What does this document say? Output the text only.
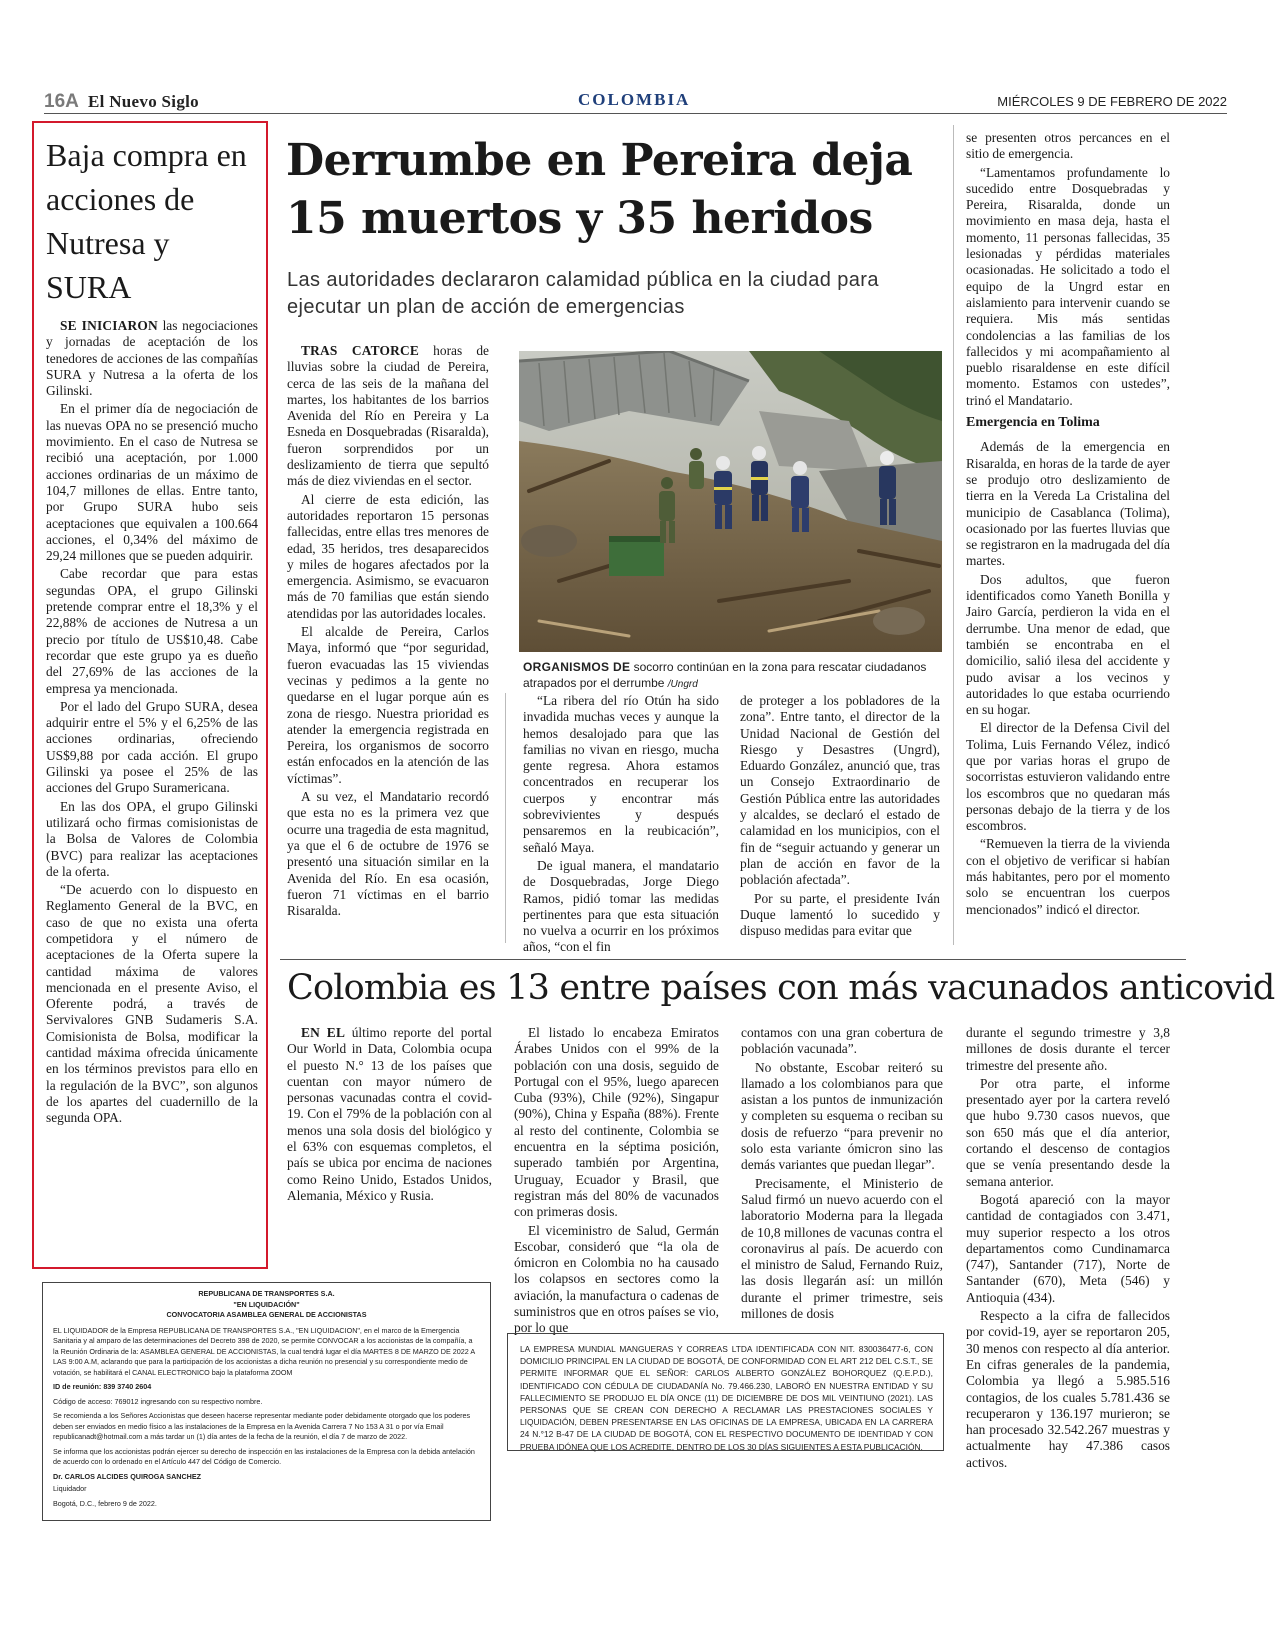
16A El Nuevo Siglo	COLOMBIA	MIÉRCOLES 9 DE FEBRERO DE 2022
Baja compra en acciones de Nutresa y SURA

SE INICIARON las negociaciones y jornadas de aceptación de los tenedores de acciones de las compañías SURA y Nutresa a la oferta de los Gilinski.

En el primer día de negociación de las nuevas OPA no se presenció mucho movimiento. En el caso de Nutresa se recibió una aceptación, por 1.000 acciones ordinarias de un máximo de 104,7 millones de ellas. Entre tanto, por Grupo SURA hubo seis aceptaciones que equivalen a 100.664 acciones, el 0,34% del máximo de 29,24 millones que se pueden adquirir.

Cabe recordar que para estas segundas OPA, el grupo Gilinski pretende comprar entre el 18,3% y el 22,88% de acciones de Nutresa a un precio por título de US$10,48. Cabe recordar que este grupo ya es dueño del 27,69% de las acciones de la empresa ya mencionada.

Por el lado del Grupo SURA, desea adquirir entre el 5% y el 6,25% de las acciones ordinarias, ofreciendo US$9,88 por cada acción. El grupo Gilinski ya posee el 25% de las acciones del Grupo Suramericana.

En las dos OPA, el grupo Gilinski utilizará ocho firmas comisionistas de la Bolsa de Valores de Colombia (BVC) para realizar las aceptaciones de la oferta.

“De acuerdo con lo dispuesto en Reglamento General de la BVC, en caso de que no exista una oferta competidora y el número de aceptaciones de la Oferta supere la cantidad máxima de valores mencionada en el presente Aviso, el Oferente podrá, a través de Servivalores GNB Sudameris S.A. Comisionista de Bolsa, modificar la cantidad máxima ofrecida únicamente en los términos previstos para ello en la regulación de la BVC”, son algunos de los apartes del cuadernillo de la segunda OPA.

Derrumbe en Pereira deja 15 muertos y 35 heridos
Las autoridades declararon calamidad pública en la ciudad para ejecutar un plan de acción de emergencias

TRAS CATORCE horas de lluvias sobre la ciudad de Pereira, cerca de las seis de la mañana del martes, los habitantes de los barrios Avenida del Río en Pereira y La Esneda en Dosquebradas (Risaralda), fueron sorprendidos por un deslizamiento de tierra que sepultó más de diez viviendas en el sector.

Al cierre de esta edición, las autoridades reportaron 15 personas fallecidas, entre ellas tres menores de edad, 35 heridos, tres desaparecidos y miles de hogares afectados por la emergencia. Asimismo, se evacuaron más de 70 familias que están siendo atendidas por las autoridades locales.

El alcalde de Pereira, Carlos Maya, informó que “por seguridad, fueron evacuadas las 15 viviendas vecinas y pedimos a la gente no quedarse en el lugar porque aún es zona de riesgo. Nuestra prioridad es atender la emergencia registrada en Pereira, los organismos de socorro están enfocados en la atención de las víctimas”.

A su vez, el Mandatario recordó que esta no es la primera vez que ocurre una tragedia de esta magnitud, ya que el 6 de octubre de 1976 se presentó una situación similar en la Avenida del Río. En esa ocasión, fueron 71 víctimas en el barrio Risaralda.

ORGANISMOS DE socorro continúan en la zona para rescatar ciudadanos atrapados por el derrumbe /Ungrd

“La ribera del río Otún ha sido invadida muchas veces y aunque la hemos desalojado para que las familias no vivan en riesgo, mucha gente regresa. Ahora estamos concentrados en recuperar los cuerpos y encontrar más sobrevivientes y después pensaremos en la reubicación”, señaló Maya.

De igual manera, el mandatario de Dosquebradas, Jorge Diego Ramos, pidió tomar las medidas pertinentes para que esta situación no vuelva a ocurrir en los próximos años, “con el fin

de proteger a los pobladores de la zona”. Entre tanto, el director de la Unidad Nacional de Gestión del Riesgo y Desastres (Ungrd), Eduardo González, anunció que, tras un Consejo Extraordinario de Gestión Pública entre las autoridades y alcaldes, se declaró el estado de calamidad en los municipios, con el fin de “seguir actuando y generar un plan de acción en favor de la población afectada”.

Por su parte, el presidente Iván Duque lamentó lo sucedido y dispuso medidas para evitar que

se presenten otros percances en el sitio de emergencia.

“Lamentamos profundamente lo sucedido entre Dosquebradas y Pereira, Risaralda, donde un movimiento en masa deja, hasta el momento, 11 personas fallecidas, 35 lesionadas y pérdidas materiales ocasionadas. He solicitado a todo el equipo de la Ungrd estar en aislamiento para intervenir cuando se requiera. Mis más sentidas condolencias a las familias de los fallecidos y mi acompañamiento al pueblo risaraldense en este difícil momento. Estamos con ustedes”, trinó el Mandatario.

Emergencia en Tolima

Además de la emergencia en Risaralda, en horas de la tarde de ayer se produjo otro deslizamiento de tierra en la Vereda La Cristalina del municipio de Casablanca (Tolima), ocasionado por las fuertes lluvias que se registraron en la madrugada del día martes.

Dos adultos, que fueron identificados como Yaneth Bonilla y Jairo García, perdieron la vida en el derrumbe. Una menor de edad, que también se encontraba en el domicilio, salió ilesa del accidente y pudo avisar a los vecinos y autoridades lo que estaba ocurriendo en su hogar.

El director de la Defensa Civil del Tolima, Luis Fernando Vélez, indicó que por varias horas el grupo de socorristas estuvieron validando entre los escombros que no quedaran más personas debajo de la tierra y de los escombros.

“Remueven la tierra de la vivienda con el objetivo de verificar si habían más habitantes, pero por el momento solo se encuentran los cuerpos mencionados” indicó el director.

Colombia es 13 entre países con más vacunados anticovid

EN EL último reporte del portal Our World in Data, Colombia ocupa el puesto N.° 13 de los países que cuentan con mayor número de personas vacunadas contra el covid-19. Con el 79% de la población con al menos una sola dosis del biológico y el 63% con esquemas completos, el país se ubica por encima de naciones como Reino Unido, Estados Unidos, Alemania, México y Rusia.

El listado lo encabeza Emiratos Árabes Unidos con el 99% de la población con una dosis, seguido de Portugal con el 95%, luego aparecen Cuba (93%), Chile (92%), Singapur (90%), China y España (88%). Frente al resto del continente, Colombia se encuentra en la séptima posición, superado también por Argentina, Uruguay, Ecuador y Brasil, que registran más del 80% de vacunados con primeras dosis.

El viceministro de Salud, Germán Escobar, consideró que “la ola de ómicron en Colombia no ha causado los colapsos en sectores como la aviación, la manufactura o cadenas de suministros que en otros países se vio, por lo que

contamos con una gran cobertura de población vacunada”.

No obstante, Escobar reiteró su llamado a los colombianos para que asistan a los puntos de inmunización y completen su esquema o reciban su dosis de refuerzo “para prevenir no solo esta variante ómicron sino las demás variantes que puedan llegar”.

Precisamente, el Ministerio de Salud firmó un nuevo acuerdo con el laboratorio Moderna para la llegada de 10,8 millones de vacunas contra el coronavirus al país. De acuerdo con el ministro de Salud, Fernando Ruiz, las dosis llegarán así: un millón durante el primer trimestre, seis millones de dosis

durante el segundo trimestre y 3,8 millones de dosis durante el tercer trimestre del presente año.

Por otra parte, el informe presentado ayer por la cartera reveló que hubo 9.730 casos nuevos, que son 650 más que el día anterior, cortando el descenso de contagios que se venía presentando desde la semana anterior.

Bogotá apareció con la mayor cantidad de contagiados con 3.471, muy superior respecto a los otros departamentos como Cundinamarca (747), Santander (717), Norte de Santander (670), Meta (546) y Antioquia (434).

Respecto a la cifra de fallecidos por covid-19, ayer se reportaron 205, 30 menos con respecto al día anterior. En cifras generales de la pandemia, Colombia ya llegó a 5.985.516 contagios, de los cuales 5.781.436 se recuperaron y 136.197 murieron; se han procesado 32.542.267 muestras y actualmente hay 47.386 casos activos.

REPUBLICANA DE TRANSPORTES S.A.

"EN LIQUIDACIÓN"

CONVOCATORIA ASAMBLEA GENERAL DE ACCIONISTAS

EL LIQUIDADOR de la Empresa REPUBLICANA DE TRANSPORTES S.A., "EN LIQUIDACION", en el marco de la Emergencia Sanitaria y al amparo de las determinaciones del Decreto 398 de 2020, se permite CONVOCAR a los accionistas de la compañía, a la Reunión Ordinaria de la: ASAMBLEA GENERAL DE ACCIONISTAS, la cual tendrá lugar el día MARTES 8 DE MARZO DE 2022 A LAS 9:00 A.M, aclarando que para la participación de los accionistas a dicha reunión no presencial y su correspondiente medio de votación, se habilitará el CANAL ELECTRONICO bajo la plataforma ZOOM

ID de reunión: 839 3740 2604

Código de acceso: 769012 ingresando con su respectivo nombre.

Se recomienda a los Señores Accionistas que deseen hacerse representar mediante poder debidamente otorgado que los poderes deben ser enviados en medio físico a las instalaciones de la Empresa en la Avenida Carrera 7 No 153 A 31 o por vía Email republicanadt@hotmail.com a más tardar un (1) día antes de la fecha de la reunión, el día 7 de marzo de 2022.

Se informa que los accionistas podrán ejercer su derecho de inspección en las instalaciones de la Empresa con la debida antelación de acuerdo con lo ordenado en el Artículo 447 del Código de Comercio.

Dr. CARLOS ALCIDES QUIROGA SANCHEZ

Liquidador

Bogotá, D.C., febrero 9 de 2022.

LA EMPRESA MUNDIAL MANGUERAS Y CORREAS LTDA IDENTIFICADA CON NIT. 830036477-6, CON DOMICILIO PRINCIPAL EN LA CIUDAD DE BOGOTÁ, DE CONFORMIDAD CON EL ART 212 DEL C.S.T., SE PERMITE INFORMAR QUE EL SEÑOR: CARLOS ALBERTO GONZÁLEZ BOHORQUEZ (Q.E.P.D.), IDENTIFICADO CON CÉDULA DE CIUDADANÍA No. 79.466.230, LABORÓ EN NUESTRA ENTIDAD Y SU FALLECIMIENTO SE PRODUJO EL DÍA ONCE (11) DE DICIEMBRE DE DOS MIL VEINTIUNO (2021). LAS PERSONAS QUE SE CREAN CON DERECHO A RECLAMAR LAS PRESTACIONES SOCIALES Y LIQUIDACIÓN, DEBEN PRESENTARSE EN LAS OFICINAS DE LA EMPRESA, UBICADA EN LA CARRERA 24 N.°12 B-47 DE LA CIUDAD DE BOGOTÁ, CON EL RESPECTIVO DOCUMENTO DE IDENTIDAD Y CON PRUEBA IDÓNEA QUE LOS ACREDITE, DENTRO DE LOS 30 DÍAS SIGUIENTES A ESTA PUBLICACIÓN.
